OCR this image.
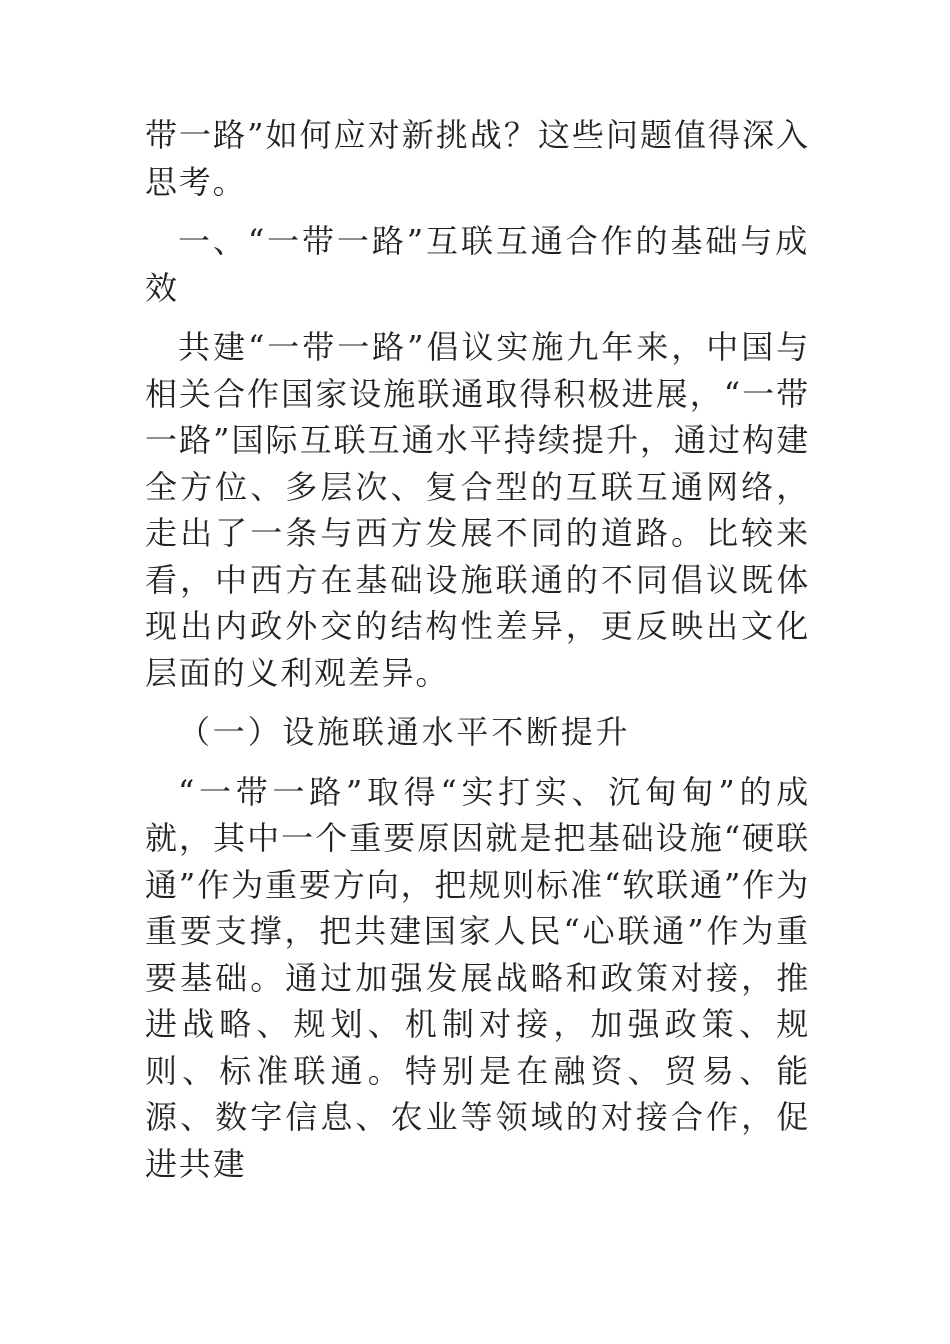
带一路”如何应对新挑战？这些问题值得深入思考。

一、“一带一路”互联互通合作的基础与成效

共建“一带一路”倡议实施九年来，中国与相关合作国家设施联通取得积极进展，“一带一路”国际互联互通水平持续提升，通过构建全方位、多层次、复合型的互联互通网络，走出了一条与西方发展不同的道路。比较来看，中西方在基础设施联通的不同倡议既体现出内政外交的结构性差异，更反映出文化层面的义利观差异。

（一）设施联通水平不断提升

“一带一路”取得“实打实、沉甸甸”的成就，其中一个重要原因就是把基础设施“硬联通”作为重要方向，把规则标准“软联通”作为重要支撑，把共建国家人民“心联通”作为重要基础。通过加强发展战略和政策对接，推进战略、规划、机制对接，加强政策、规则、标准联通。特别是在融资、贸易、能源、数字信息、农业等领域的对接合作，促进共建
